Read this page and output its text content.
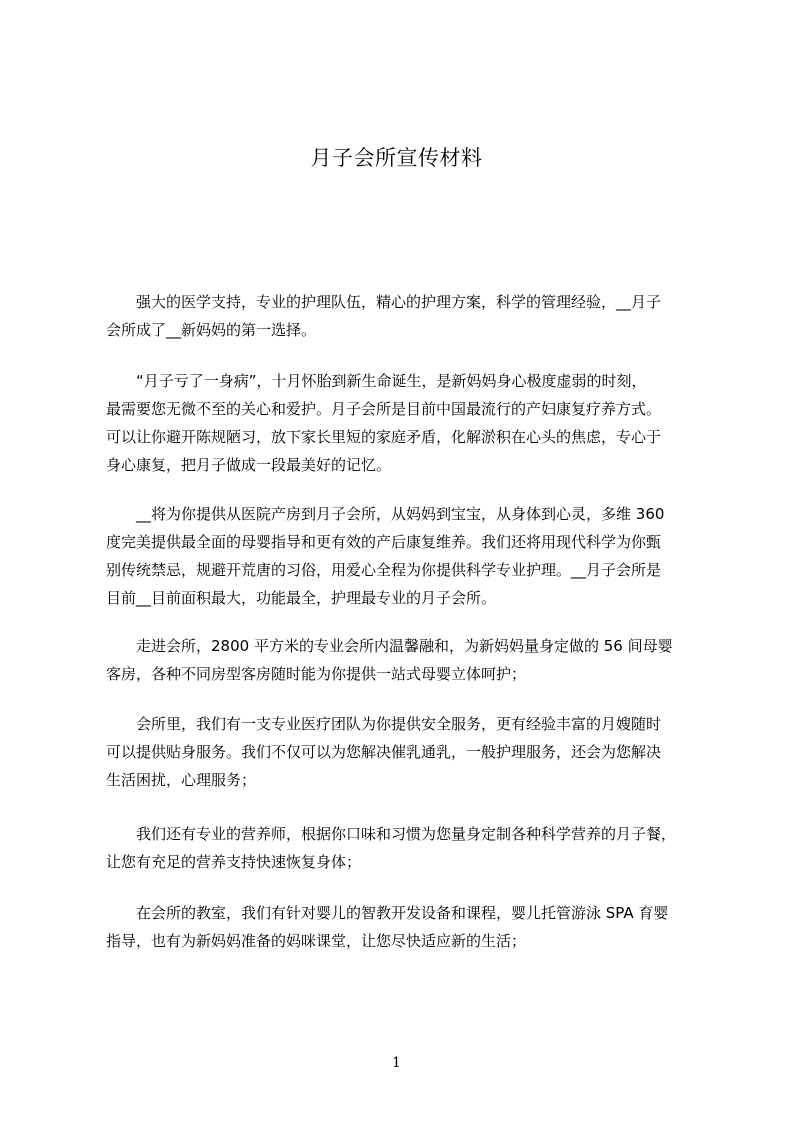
月子会所宣传材料
　　强大的医学支持，专业的护理队伍，精心的护理方案，科学的管理经验，__月子
会所成了__新妈妈的第一选择。
　　“月子亏了一身病”，十月怀胎到新生命诞生，是新妈妈身心极度虚弱的时刻，
最需要您无微不至的关心和爱护。月子会所是目前中国最流行的产妇康复疗养方式。
可以让你避开陈规陋习，放下家长里短的家庭矛盾，化解淤积在心头的焦虑，专心于
身心康复，把月子做成一段最美好的记忆。
　　__将为你提供从医院产房到月子会所，从妈妈到宝宝，从身体到心灵，多维 360
度完美提供最全面的母婴指导和更有效的产后康复维养。我们还将用现代科学为你甄
别传统禁忌，规避开荒唐的习俗，用爱心全程为你提供科学专业护理。__月子会所是
目前__目前面积最大，功能最全，护理最专业的月子会所。
　　走进会所，2800 平方米的专业会所内温馨融和，为新妈妈量身定做的 56 间母婴
客房，各种不同房型客房随时能为你提供一站式母婴立体呵护；
　　会所里，我们有一支专业医疗团队为你提供安全服务，更有经验丰富的月嫂随时
可以提供贴身服务。我们不仅可以为您解决催乳通乳，一般护理服务，还会为您解决
生活困扰，心理服务；
　　我们还有专业的营养师，根据你口味和习惯为您量身定制各种科学营养的月子餐，
让您有充足的营养支持快速恢复身体；
　　在会所的教室，我们有针对婴儿的智教开发设备和课程，婴儿托管游泳 SPA 育婴
指导，也有为新妈妈准备的妈咪课堂，让您尽快适应新的生活；
1
